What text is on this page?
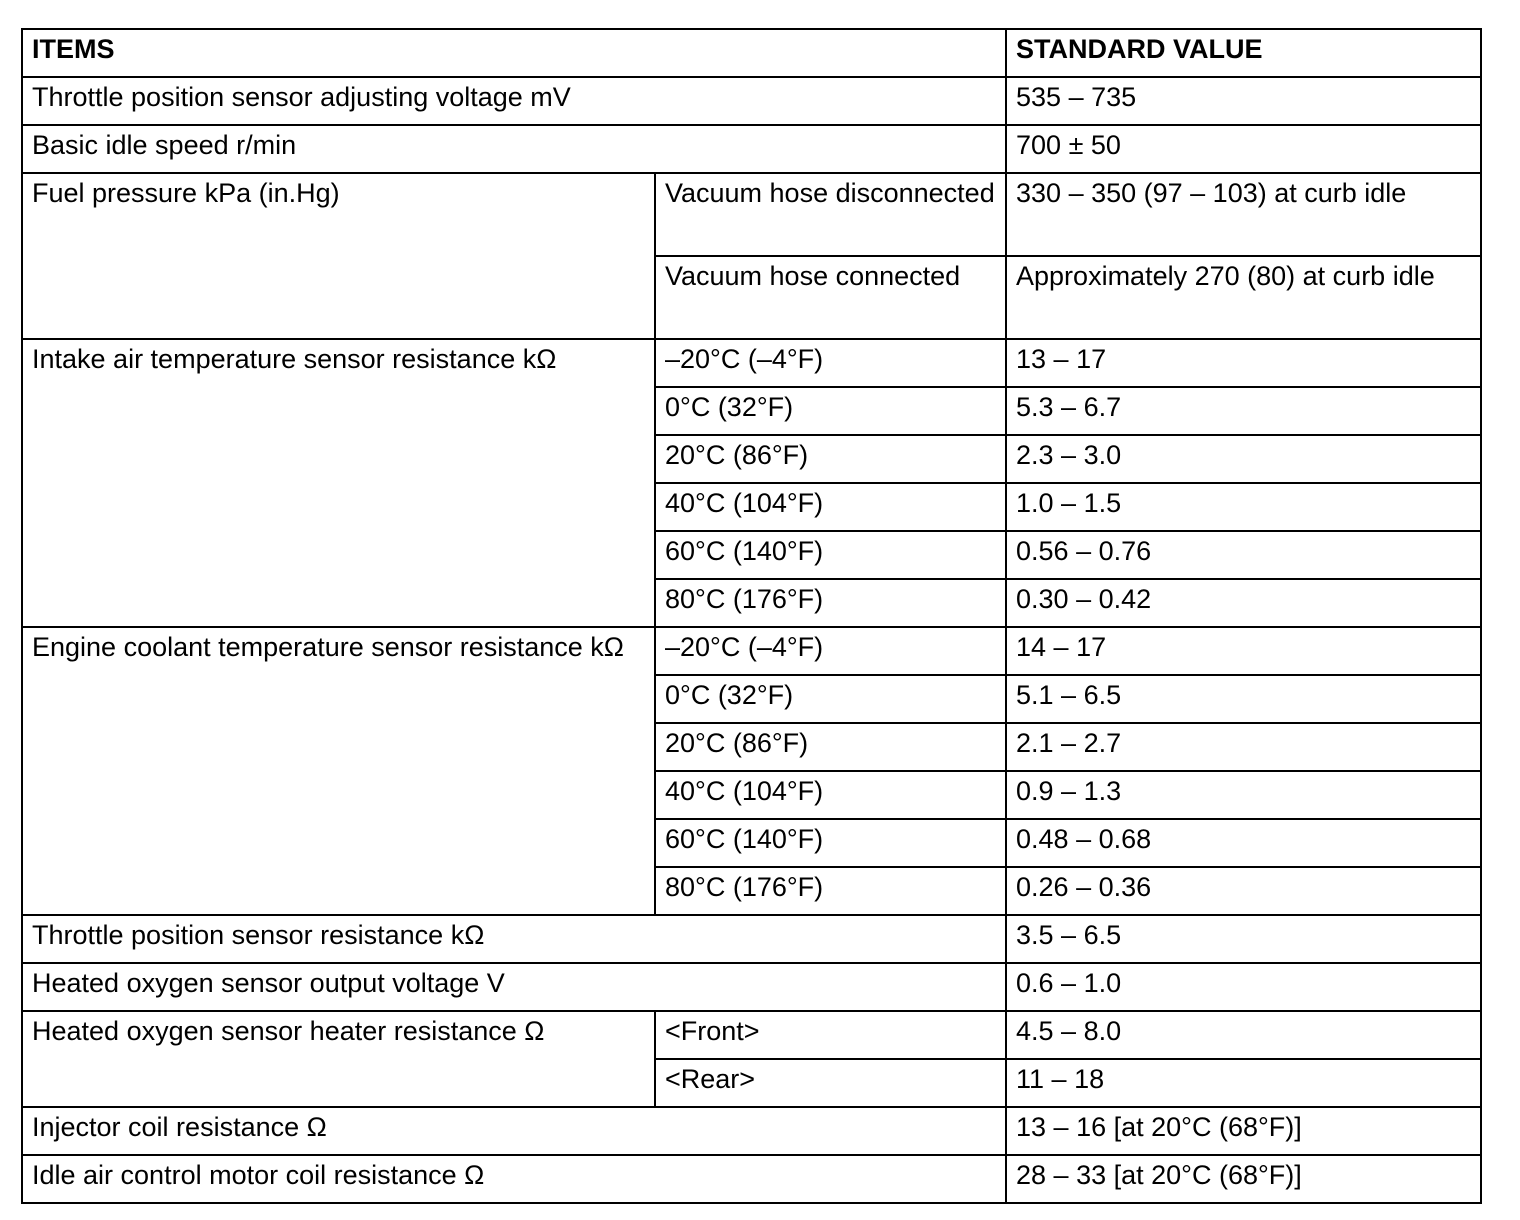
ITEMS		STANDARD VALUE
Throttle position sensor adjusting voltage mV		535 – 735
Basic idle speed r/min		700 ± 50
Fuel pressure kPa (in.Hg)	Vacuum hose disconnected	330 – 350 (97 – 103) at curb idle
	Vacuum hose connected	Approximately 270 (80) at curb idle
Intake air temperature sensor resistance kΩ	–20°C (–4°F)	13 – 17
	0°C (32°F)	5.3 – 6.7
	20°C (86°F)	2.3 – 3.0
	40°C (104°F)	1.0 – 1.5
	60°C (140°F)	0.56 – 0.76
	80°C (176°F)	0.30 – 0.42
Engine coolant temperature sensor resistance kΩ	–20°C (–4°F)	14 – 17
	0°C (32°F)	5.1 – 6.5
	20°C (86°F)	2.1 – 2.7
	40°C (104°F)	0.9 – 1.3
	60°C (140°F)	0.48 – 0.68
	80°C (176°F)	0.26 – 0.36
Throttle position sensor resistance kΩ		3.5 – 6.5
Heated oxygen sensor output voltage V		0.6 – 1.0
Heated oxygen sensor heater resistance Ω	<Front>	4.5 – 8.0
	<Rear>	11 – 18
Injector coil resistance Ω		13 – 16 [at 20°C (68°F)]
Idle air control motor coil resistance Ω		28 – 33 [at 20°C (68°F)]
